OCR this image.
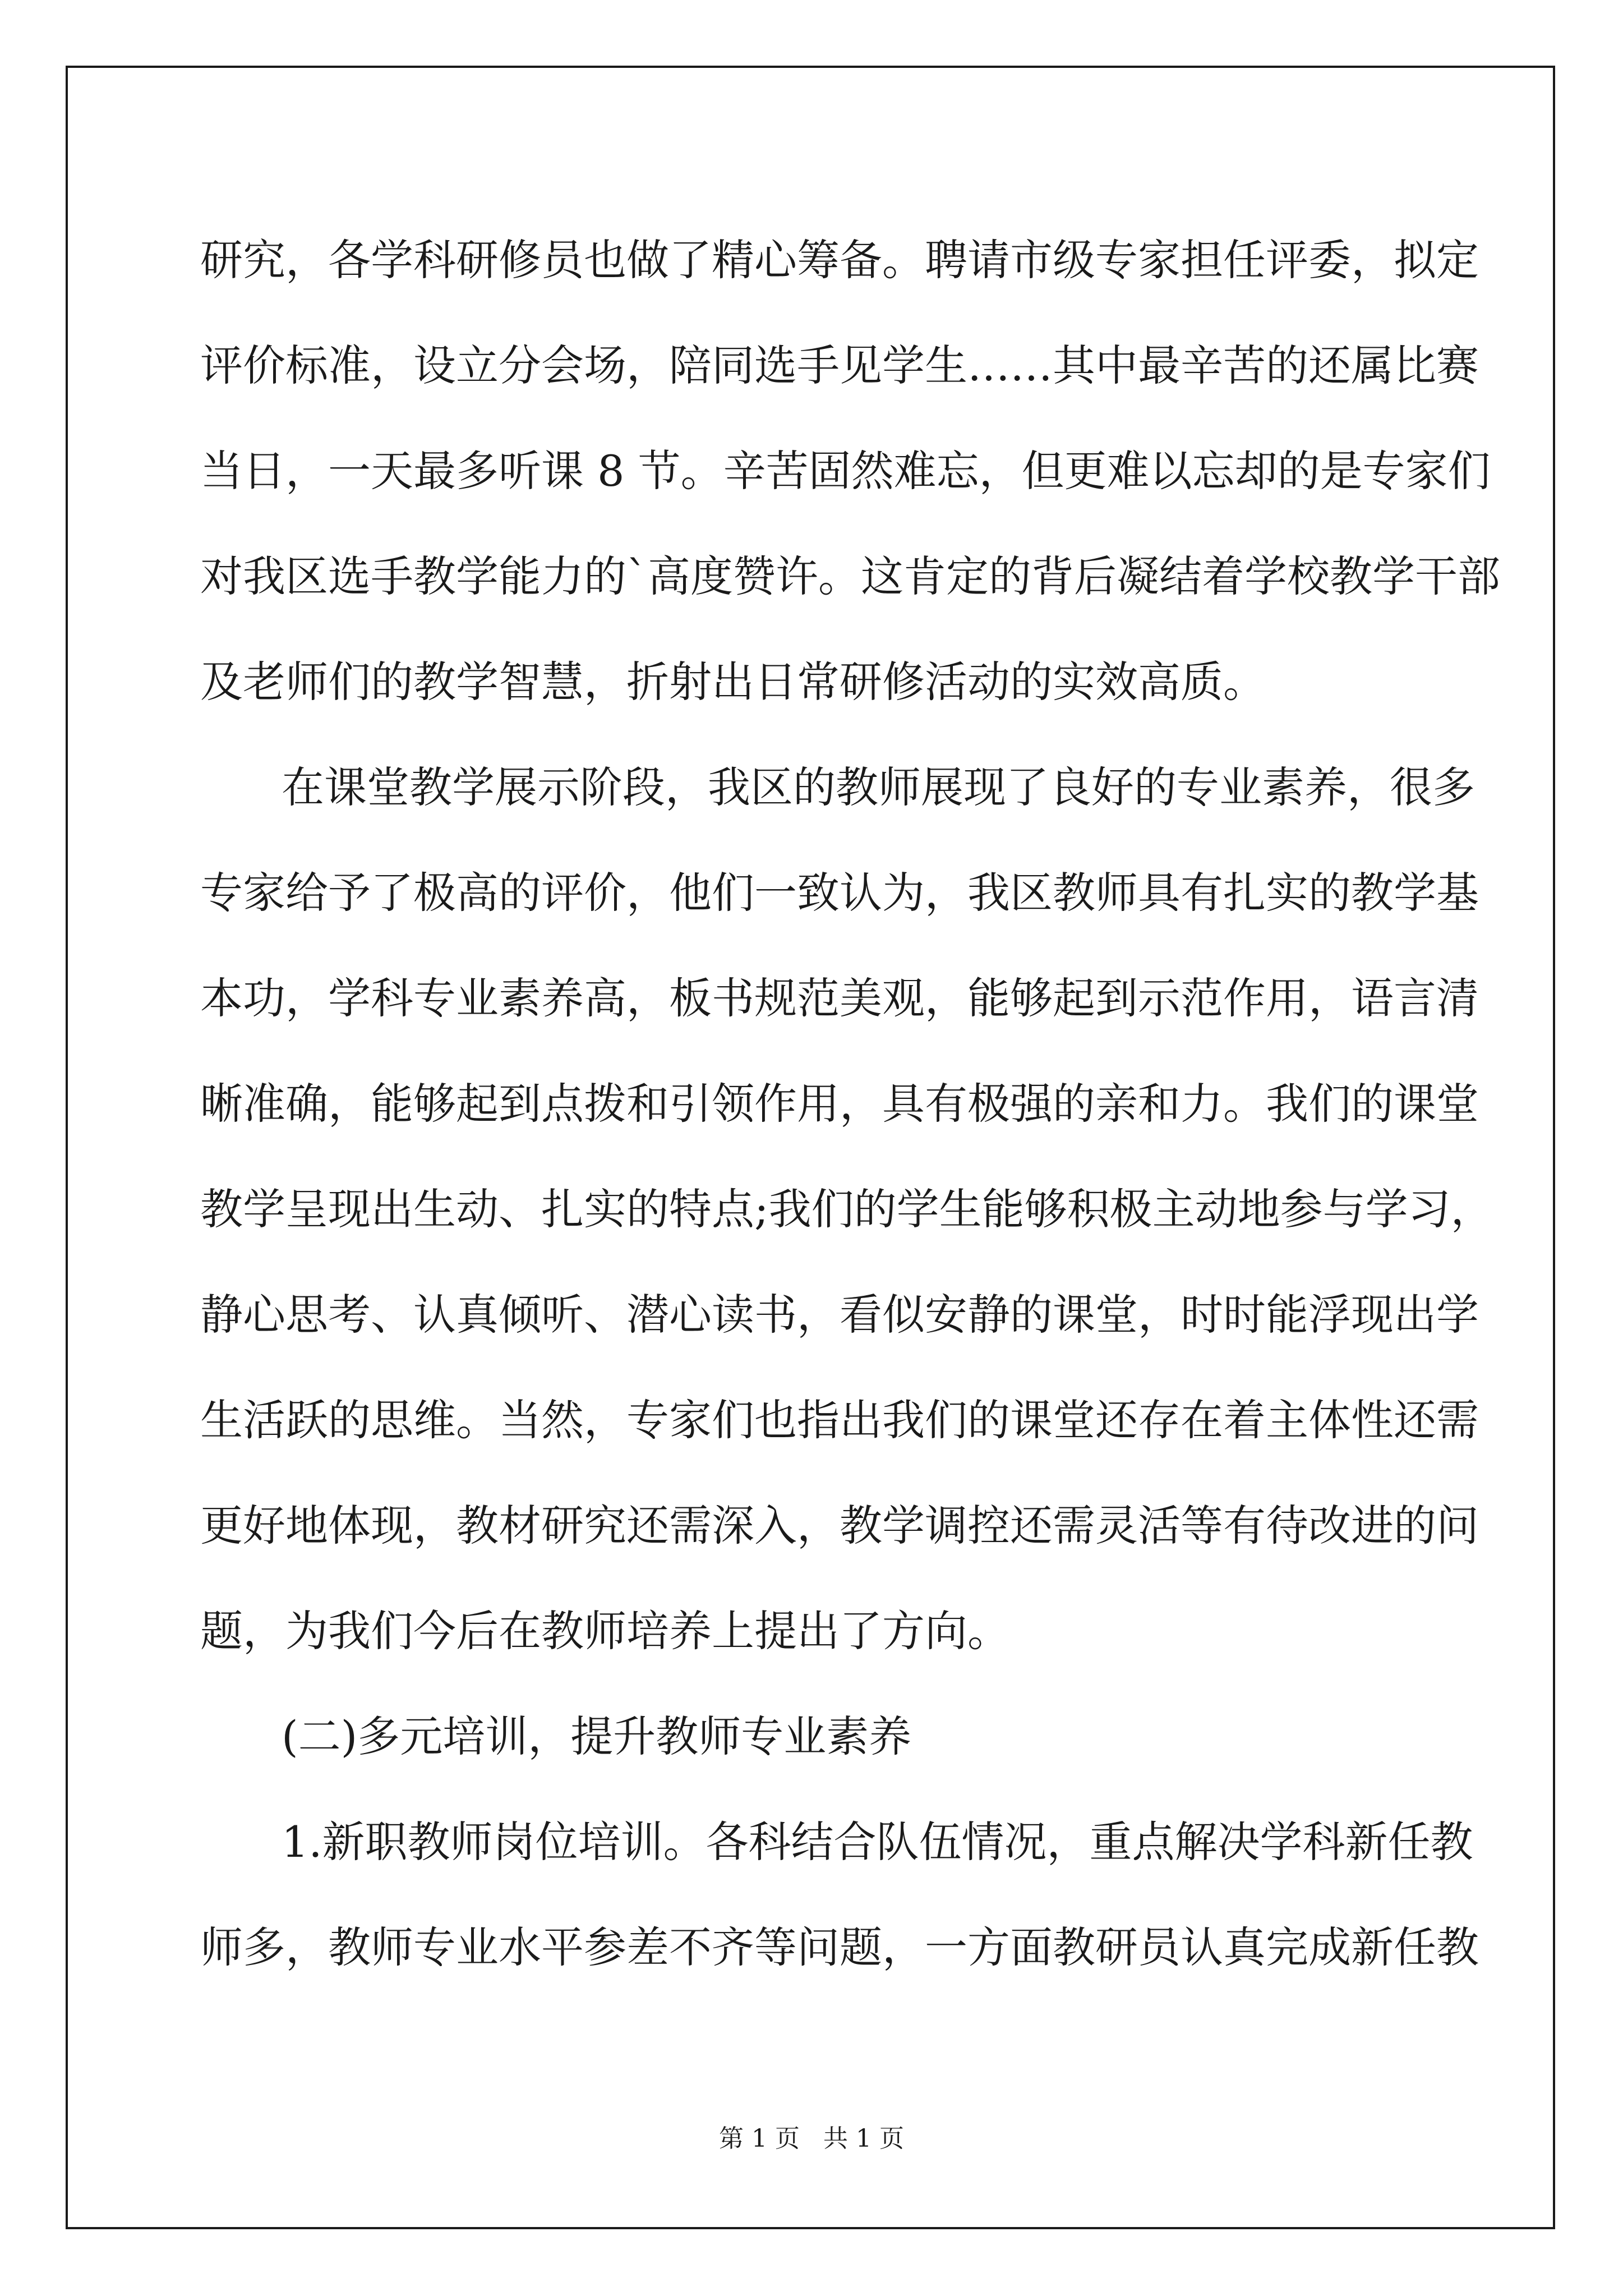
研究，各学科研修员也做了精心筹备。聘请市级专家担任评委，拟定

评价标准，设立分会场，陪同选手见学生……其中最辛苦的还属比赛

当日，一天最多听课 8 节。辛苦固然难忘，但更难以忘却的是专家们

对我区选手教学能力的`高度赞许。这肯定的背后凝结着学校教学干部

及老师们的教学智慧，折射出日常研修活动的实效高质。

在课堂教学展示阶段，我区的教师展现了良好的专业素养，很多

专家给予了极高的评价，他们一致认为，我区教师具有扎实的教学基

本功，学科专业素养高，板书规范美观，能够起到示范作用，语言清

晰准确，能够起到点拨和引领作用，具有极强的亲和力。我们的课堂

教学呈现出生动、扎实的特点;我们的学生能够积极主动地参与学习，

静心思考、认真倾听、潜心读书，看似安静的课堂，时时能浮现出学

生活跃的思维。当然，专家们也指出我们的课堂还存在着主体性还需

更好地体现，教材研究还需深入，教学调控还需灵活等有待改进的问

题，为我们今后在教师培养上提出了方向。

(二)多元培训，提升教师专业素养

1.新职教师岗位培训。各科结合队伍情况，重点解决学科新任教

师多，教师专业水平参差不齐等问题，一方面教研员认真完成新任教

第 1 页   共 1 页
